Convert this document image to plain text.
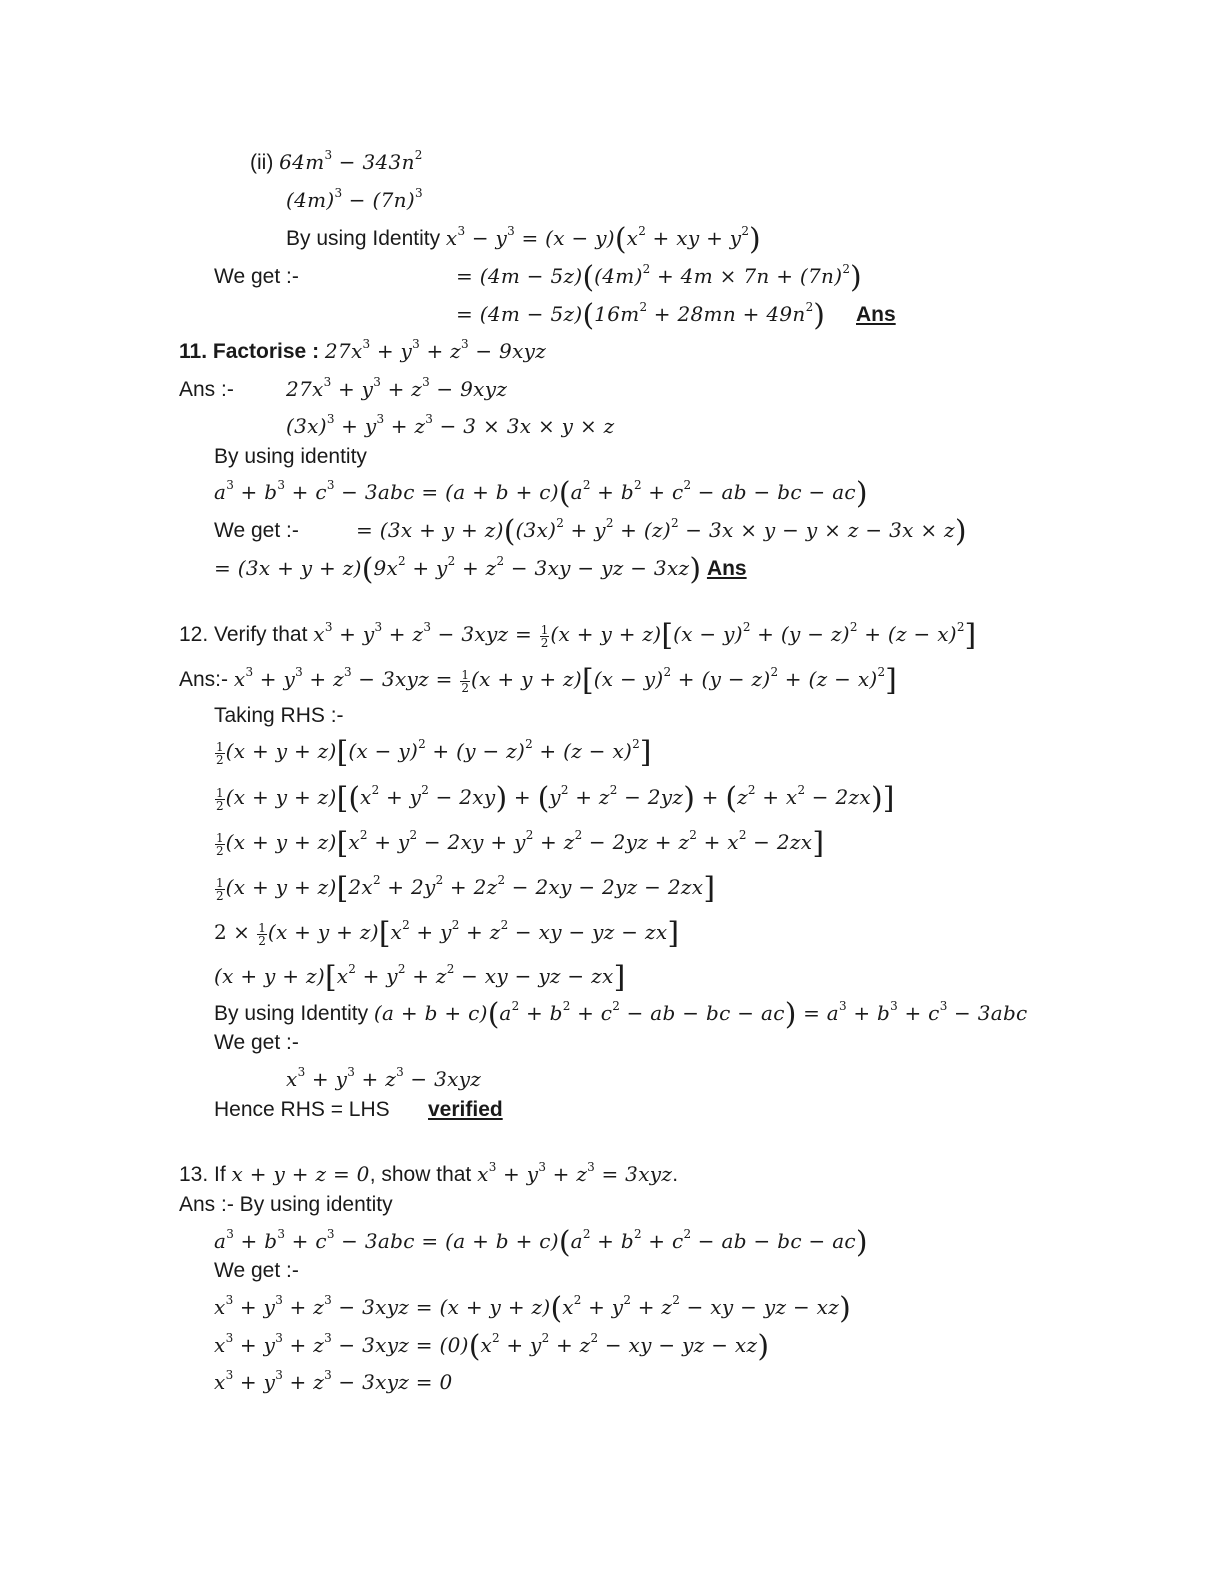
(ii) $64m^3 - 343n^2$
$(4m)^3 - (7n)^3$
By using Identity $x^3 - y^3 = (x - y)(x^2$ + xy + $y^2$)
We get :-	= $(4m - 5z)((4m)^2 + 4m \times 7n + (7n)^2)$
= $(4m - 5z)(16m^2 + 28mn + 49n^2)$ Ans
11. Factorise : $27x^3 + y^3 + z^3 - 9xyz$
Ans :-	$27x^3 + y^3 + z^3 - 9xyz$
$(3x)^3 + y^3 + z^3 - 3 \times 3x \times y \times z$
By using identity
$a^3 + b^3 + c^3 - 3abc = (a + b + c)(a^2 + b^2 + c^2$ − ab − bc − ac)
We get :-	= $(3x + y + z)((3x)^2 + y^2 + (z)^2 - 3x \times y - y \times z - 3x \times z)$
= $(3x + y + z)(9x^2 + y^2 + z^2 - 3xy$ − yz − 3xz) Ans
12. Verify that $x^3 + y^3 + z^3 - 3xyz = \frac{1}{2} (x + y + z)[(x - y)^2 + (y - z)^2 + (z - x)^2]$
Ans:- $x^3 + y^3 + z^3 - 3xyz = \frac{1}{2} (x + y + z)[(x - y)^2 + (y - z)^2 + (z - x)^2]$
Taking RHS :-
$\frac{1}{2} (x + y + z)[(x - y)^2 + (y - z)^2 + (z - x)^2]$
$\frac{1}{2} (x + y + z)[(x^2 + y^2 - 2xy) + (y^2 + z^2 - 2yz) + (z^2 + x^2 - 2zx)]$
$\frac{1}{2} (x + y + z)[x^2 + y^2 - 2xy + y^2 + z^2 - 2yz + z^2 + x^2 - 2zx]$
$\frac{1}{2} (x + y + z)[2x^2 + 2y^2 + 2z^2 - 2xy - 2yz - 2zx]$
$2 \times \frac{1}{2} (x + y + z)[x^2 + y^2 + z^2$ − xy − yz − zx]
$(x + y + z)[x^2 + y^2 + z^2$ − xy − yz − zx]
By using Identity $(a + b + c)(a^2 + b^2 + c^2$ − ab − bc − $ac) = a^3 + b^3 + c^3 - 3abc$
We get :-
$x^3 + y^3 + z^3 - 3xyz$
Hence RHS = LHS verified
13. If x + y + z = 0, show that $x^3 + y^3 + z^3 = 3xyz$.
Ans :- By using identity
$a^3 + b^3 + c^3 - 3abc = (a + b + c)(a^2 + b^2 + c^2$ − ab − bc − ac)
We get :-
$x^3 + y^3 + z^3 - 3xyz = (x + y + z)(x^2 + y^2 + z^2$ − xy − yz − xz)
$x^3 + y^3 + z^3 - 3xyz = (0)(x^2 + y^2 + z^2$ − xy − yz − xz)
$x^3 + y^3 + z^3 - 3xyz = 0$
